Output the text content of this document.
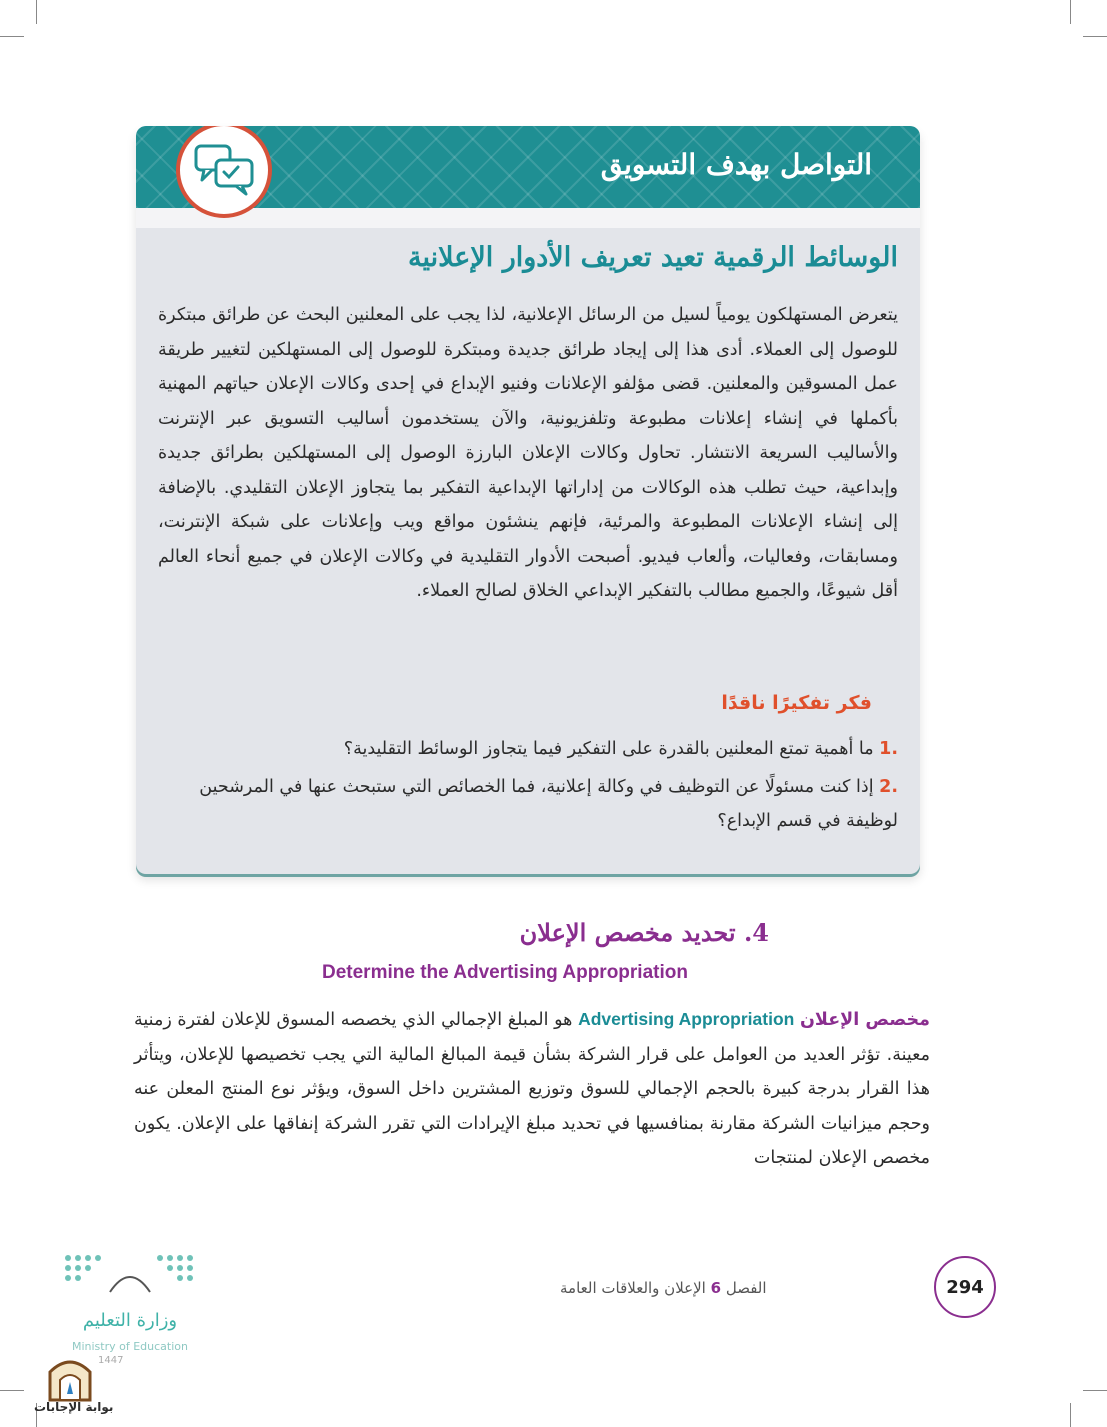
التواصل بهدف التسويق
الوسائط الرقمية تعيد تعريف الأدوار الإعلانية
يتعرض المستهلكون يومياً لسيل من الرسائل الإعلانية، لذا يجب على المعلنين البحث عن طرائق مبتكرة للوصول إلى العملاء. أدى هذا إلى إيجاد طرائق جديدة ومبتكرة للوصول إلى المستهلكين لتغيير طريقة عمل المسوقين والمعلنين. قضى مؤلفو الإعلانات وفنيو الإبداع في إحدى وكالات الإعلان حياتهم المهنية بأكملها في إنشاء إعلانات مطبوعة وتلفزيونية، والآن يستخدمون أساليب التسويق عبر الإنترنت والأساليب السريعة الانتشار. تحاول وكالات الإعلان البارزة الوصول إلى المستهلكين بطرائق جديدة وإبداعية، حيث تطلب هذه الوكالات من إداراتها الإبداعية التفكير بما يتجاوز الإعلان التقليدي. بالإضافة إلى إنشاء الإعلانات المطبوعة والمرئية، فإنهم ينشئون مواقع ويب وإعلانات على شبكة الإنترنت، ومسابقات، وفعاليات، وألعاب فيديو. أصبحت الأدوار التقليدية في وكالات الإعلان في جميع أنحاء العالم أقل شيوعًا، والجميع مطالب بالتفكير الإبداعي الخلاق لصالح العملاء.
فكر تفكيرًا ناقدًا
.1 ما أهمية تمتع المعلنين بالقدرة على التفكير فيما يتجاوز الوسائط التقليدية؟
.2 إذا كنت مسئولًا عن التوظيف في وكالة إعلانية، فما الخصائص التي ستبحث عنها في المرشحين لوظيفة في قسم الإبداع؟
4. تحديد مخصص الإعلان
Determine the Advertising Appropriation
مخصص الإعلان Advertising Appropriation هو المبلغ الإجمالي الذي يخصصه المسوق للإعلان لفترة زمنية معينة. تؤثر العديد من العوامل على قرار الشركة بشأن قيمة المبالغ المالية التي يجب تخصيصها للإعلان، ويتأثر هذا القرار بدرجة كبيرة بالحجم الإجمالي للسوق وتوزيع المشترين داخل السوق، ويؤثر نوع المنتج المعلن عنه وحجم ميزانيات الشركة مقارنة بمنافسيها في تحديد مبلغ الإيرادات التي تقرر الشركة إنفاقها على الإعلان. يكون مخصص الإعلان لمنتجات
الفصل 6 الإعلان والعلاقات العامة	294
وزارة التعليم
Ministry of Education
1447
بوابة الإجابات
